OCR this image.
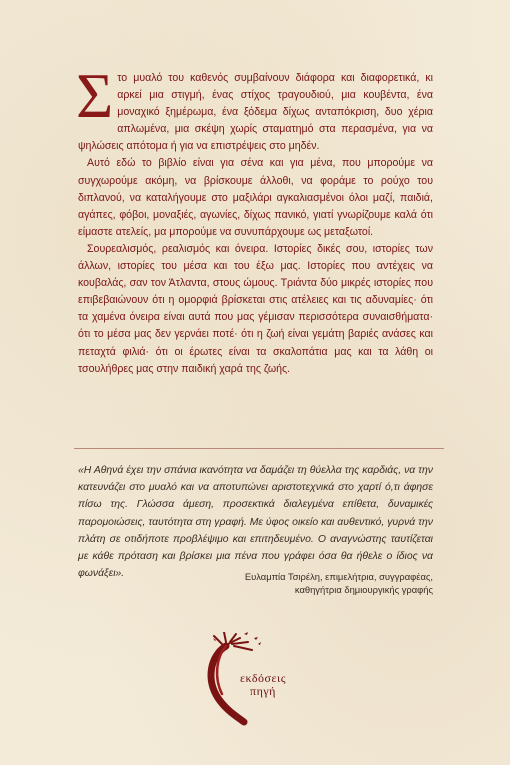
Στο μυαλό του καθενός συμβαίνουν διάφορα και διαφορετικά, κι αρκεί μια στιγμή, ένας στίχος τραγουδιού, μια κουβέντα, ένα μοναχικό ξημέρωμα, ένα ξόδεμα δίχως ανταπόκριση, δυο χέρια απλωμένα, μια σκέψη χωρίς σταματημό στα περασμένα, για να ψηλώσεις απότομα ή για να επιστρέψεις στο μηδέν.

Αυτό εδώ το βιβλίο είναι για σένα και για μένα, που μπορούμε να συγχωρούμε ακόμη, να βρίσκουμε άλλοθι, να φοράμε το ρούχο του διπλανού, να καταλήγουμε στο μαξιλάρι αγκαλιασμένοι όλοι μαζί, παιδιά, αγάπες, φόβοι, μοναξιές, αγωνίες, δίχως πανικό, γιατί γνωρίζουμε καλά ότι είμαστε ατελείς, μα μπορούμε να συνυπάρχουμε ως μεταξωτοί.

Σουρεαλισμός, ρεαλισμός και όνειρα. Ιστορίες δικές σου, ιστορίες των άλλων, ιστορίες του μέσα και του έξω μας. Ιστορίες που αντέχεις να κουβαλάς, σαν τον Άτλαντα, στους ώμους. Τριάντα δύο μικρές ιστορίες που επιβεβαιώνουν ότι η ομορφιά βρίσκεται στις ατέλειες και τις αδυναμίες· ότι τα χαμένα όνειρα είναι αυτά που μας γέμισαν περισσότερα συναισθήματα· ότι το μέσα μας δεν γερνάει ποτέ· ότι η ζωή είναι γεμάτη βαριές ανάσες και πεταχτά φιλιά· ότι οι έρωτες είναι τα σκαλοπάτια μας και τα λάθη οι τσουλήθρες μας στην παιδική χαρά της ζωής.

«Η Αθηνά έχει την σπάνια ικανότητα να δαμάζει τη θύελλα της καρδιάς, να την κατευνάζει στο μυαλό και να αποτυπώνει αριστοτεχνικά στο χαρτί ό,τι άφησε πίσω της. Γλώσσα άμεση, προσεκτικά διαλεγμένα επίθετα, δυναμικές παρομοιώσεις, ταυτότητα στη γραφή. Με ύφος οικείο και αυθεντικό, γυρνά την πλάτη σε οτιδήποτε προβλέψιμο και επιτηδευμένο. Ο αναγνώστης ταυτίζεται με κάθε πρόταση και βρίσκει μια πένα που γράφει όσα θα ήθελε ο ίδιος να φωνάξει».	Ευλαμπία Τσιρέλη, επιμελήτρια, συγγραφέας,
καθηγήτρια δημιουργικής γραφής
εκδόσεις
πηγή
